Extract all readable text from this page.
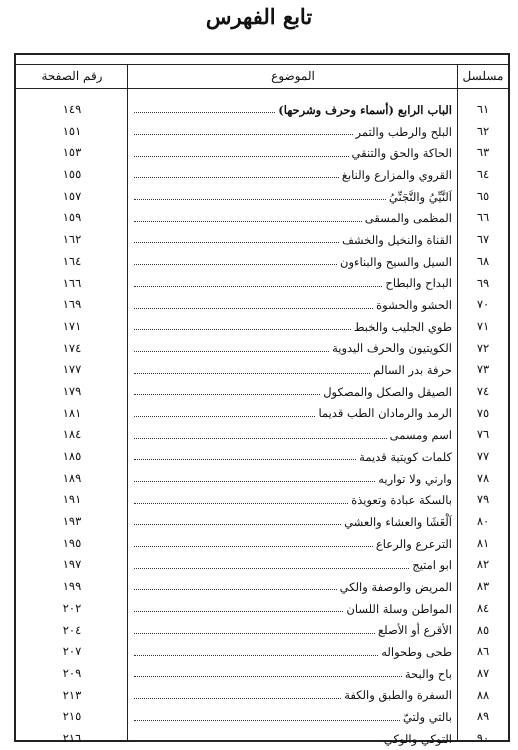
تابع الفهرس
مسلسل
الموضوع
رقم الصفحة
٦١
الباب الرابع (أسماء وحرف وشرحها)
١٤٩
٦٢
البلح والرطب والتمر
١٥١
٦٣
الحاكة والحق والتنقي
١٥٣
٦٤
القروي والمزارع والنابغ
١٥٥
٦٥
اَلنَّيِّيُ والتَّجَنِّيُ
١٥٧
٦٦
المظمى والمسقى
١٥٩
٦٧
القناة والنخيل والخشف
١٦٢
٦٨
السيل والسيح والبناءون
١٦٤
٦٩
البداح والبطاح
١٦٦
٧٠
الحشو والحشوة
١٦٩
٧١
طوي الجليب والخبط
١٧١
٧٢
الكويتيون والحرف اليدوية
١٧٤
٧٣
حرفة بدر السالم
١٧٧
٧٤
الصيقل والصكل والمصكول
١٧٩
٧٥
الرمد والرمادان الطب قديما
١٨١
٧٦
اسم ومسمى
١٨٤
٧٧
كلمات كويتية قديمة
١٨٥
٧٨
وارني ولا تواريه
١٨٩
٧٩
بالسكة عبادة وتعويذة
١٩١
٨٠
اَلْعَشَا والعشاء والعشي
١٩٣
٨١
الترعرع والرعاع
١٩٥
٨٢
ابو امتيج
١٩٧
٨٣
المريض والوصفة والكي
١٩٩
٨٤
المواطن وسلة اللسان
٢٠٢
٨٥
الأقرع أو الأصلع
٢٠٤
٨٦
طحى وطحواله
٢٠٧
٨٧
باح والبحة
٢٠٩
٨٨
السفرة والطبق والكفة
٢١٣
٨٩
بالتي ولتيّ
٢١٥
٩٠
التوكي والوكي
٢١٦
